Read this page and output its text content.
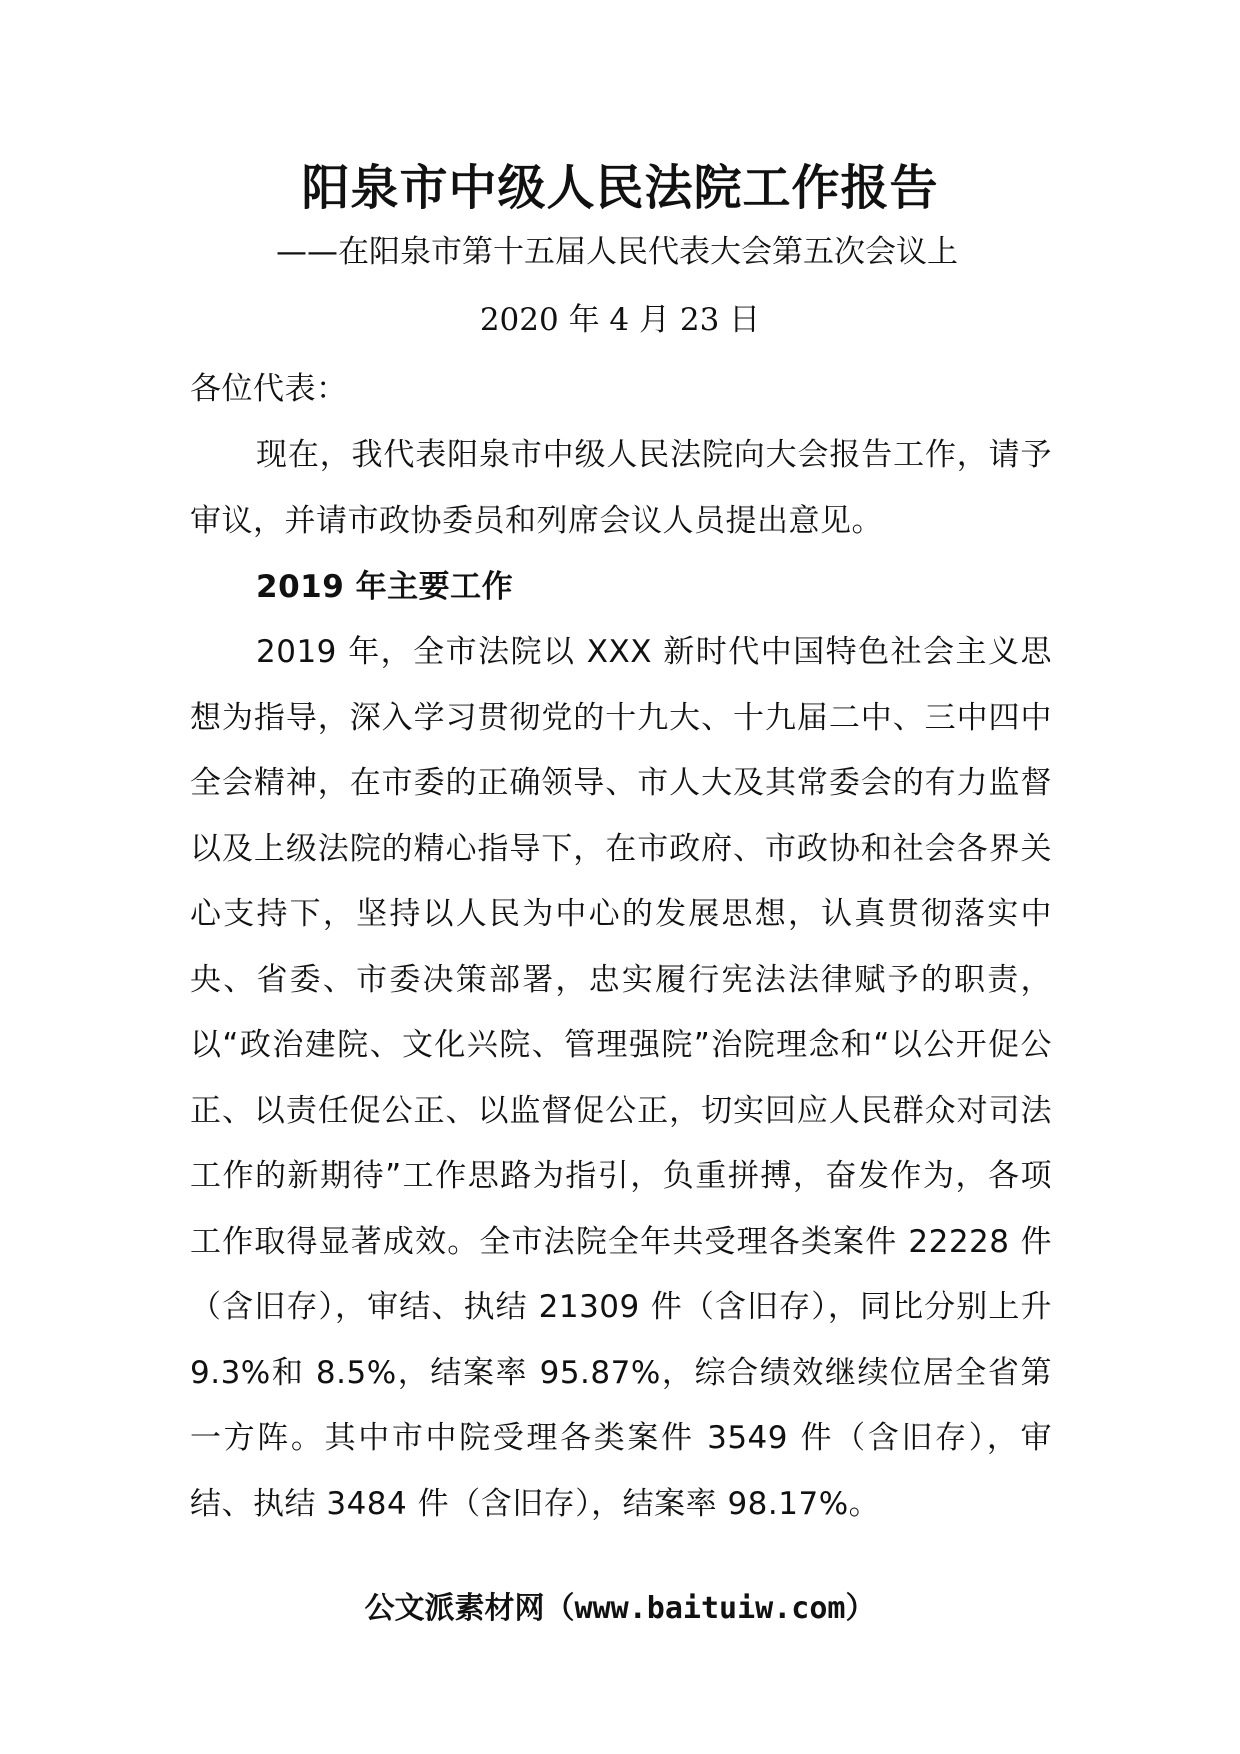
阳泉市中级人民法院工作报告
——在阳泉市第十五届人民代表大会第五次会议上
2020 年 4 月 23 日
各位代表：
现在，我代表阳泉市中级人民法院向大会报告工作，请予审议，并请市政协委员和列席会议人员提出意见。
2019 年主要工作
2019 年，全市法院以 XXX 新时代中国特色社会主义思想为指导，深入学习贯彻党的十九大、十九届二中、三中四中全会精神，在市委的正确领导、市人大及其常委会的有力监督以及上级法院的精心指导下，在市政府、市政协和社会各界关心支持下，坚持以人民为中心的发展思想，认真贯彻落实中央、省委、市委决策部署，忠实履行宪法法律赋予的职责，以“政治建院、文化兴院、管理强院”治院理念和“以公开促公正、以责任促公正、以监督促公正，切实回应人民群众对司法工作的新期待”工作思路为指引，负重拼搏，奋发作为，各项工作取得显著成效。全市法院全年共受理各类案件 22228 件（含旧存），审结、执结 21309 件（含旧存），同比分别上升 9.3%和 8.5%，结案率 95.87%，综合绩效继续位居全省第一方阵。其中市中院受理各类案件 3549 件（含旧存），审结、执结 3484 件（含旧存），结案率 98.17%。
公文派素材网（www.baituiw.com）
